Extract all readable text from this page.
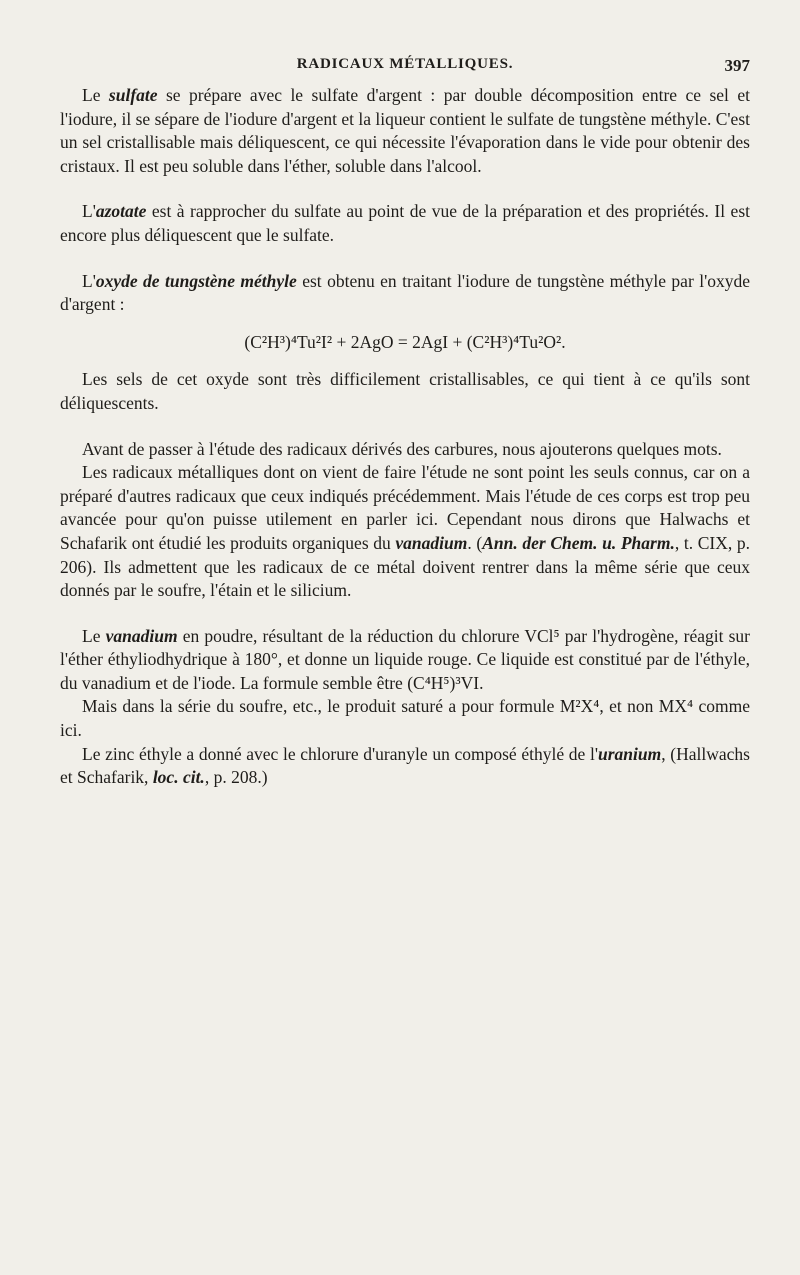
RADICAUX MÉTALLIQUES.	397

Le sulfate se prépare avec le sulfate d'argent : par double décomposition entre ce sel et l'iodure, il se sépare de l'iodure d'argent et la liqueur contient le sulfate de tungstène méthyle. C'est un sel cristallisable mais déliquescent, ce qui nécessite l'évaporation dans le vide pour obtenir des cristaux. Il est peu soluble dans l'éther, soluble dans l'alcool.

L'azotate est à rapprocher du sulfate au point de vue de la préparation et des propriétés. Il est encore plus déliquescent que le sulfate.

L'oxyde de tungstène méthyle est obtenu en traitant l'iodure de tungstène méthyle par l'oxyde d'argent :

(C²H³)⁴Tu²I² + 2AgO = 2AgI + (C²H³)⁴Tu²O².

Les sels de cet oxyde sont très difficilement cristallisables, ce qui tient à ce qu'ils sont déliquescents.

Avant de passer à l'étude des radicaux dérivés des carbures, nous ajouterons quelques mots.

Les radicaux métalliques dont on vient de faire l'étude ne sont point les seuls connus, car on a préparé d'autres radicaux que ceux indiqués précédemment. Mais l'étude de ces corps est trop peu avancée pour qu'on puisse utilement en parler ici. Cependant nous dirons que Halwachs et Schafarik ont étudié les produits organiques du vanadium. (Ann. der Chem. u. Pharm., t. CIX, p. 206). Ils admettent que les radicaux de ce métal doivent rentrer dans la même série que ceux donnés par le soufre, l'étain et le silicium.

Le vanadium en poudre, résultant de la réduction du chlorure VCl⁵ par l'hydrogène, réagit sur l'éther éthyliodhydrique à 180°, et donne un liquide rouge. Ce liquide est constitué par de l'éthyle, du vanadium et de l'iode. La formule semble être (C⁴H⁵)³VI.

Mais dans la série du soufre, etc., le produit saturé a pour formule M²X⁴, et non MX⁴ comme ici.

Le zinc éthyle a donné avec le chlorure d'uranyle un composé éthylé de l'uranium, (Hallwachs et Schafarik, loc. cit., p. 208.)
